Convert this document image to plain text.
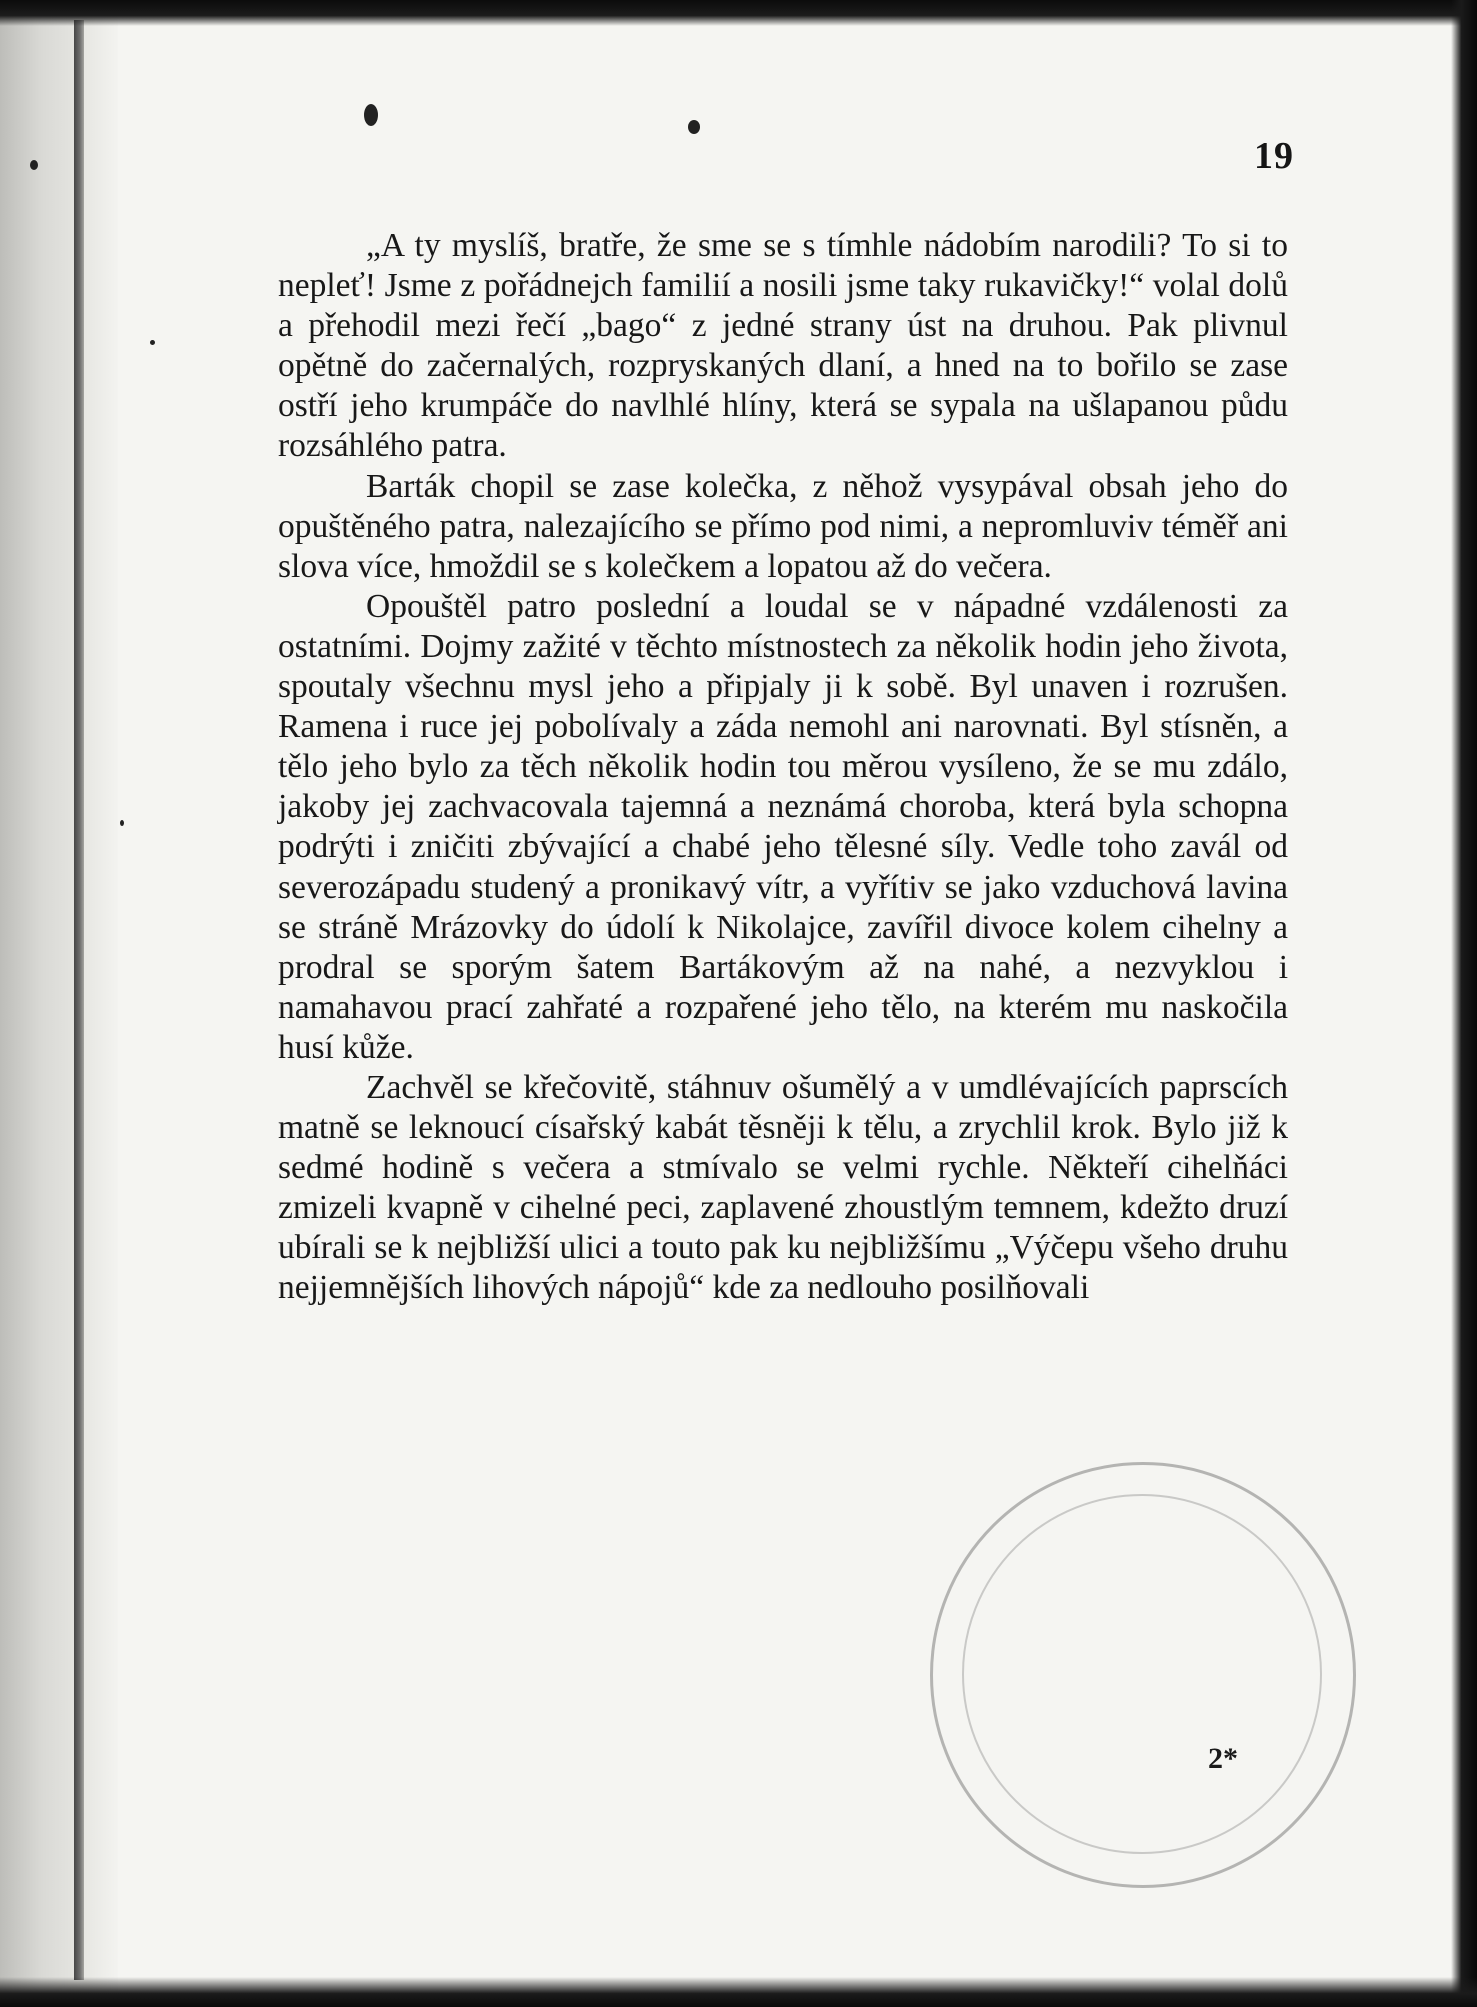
19

„A ty myslíš, bratře, že sme se s tímhle nádobím narodili? To si to nepleť! Jsme z pořádnejch familií a nosili jsme taky rukavičky!“ volal dolů a přehodil mezi řečí „bago“ z jedné strany úst na druhou. Pak plivnul opětně do začernalých, rozpryskaných dlaní, a hned na to bořilo se zase ostří jeho krumpáče do navlhlé hlíny, která se sypala na ušlapanou půdu rozsáhlého patra.

Barták chopil se zase kolečka, z něhož vysypával obsah jeho do opuštěného patra, nalezajícího se přímo pod nimi, a nepromluviv téměř ani slova více, hmoždil se s kolečkem a lopatou až do večera.

Opouštěl patro poslední a loudal se v nápadné vzdálenosti za ostatními. Dojmy zažité v těchto místnostech za několik hodin jeho života, spoutaly všechnu mysl jeho a připjaly ji k sobě. Byl unaven i rozrušen. Ramena i ruce jej pobolívaly a záda nemohl ani narovnati. Byl stísněn, a tělo jeho bylo za těch několik hodin tou měrou vysíleno, že se mu zdálo, jakoby jej zachvacovala tajemná a neznámá choroba, která byla schopna podrýti i zničiti zbývající a chabé jeho tělesné síly. Vedle toho zavál od severozápadu studený a pronikavý vítr, a vyřítiv se jako vzduchová lavina se stráně Mrázovky do údolí k Nikolajce, zavířil divoce kolem cihelny a prodral se sporým šatem Bartákovým až na nahé, a nezvyklou i namahavou prací zahřaté a rozpařené jeho tělo, na kterém mu naskočila husí kůže.

Zachvěl se křečovitě, stáhnuv ošumělý a v umdlévajících paprscích matně se leknoucí císařský kabát těsněji k tělu, a zrychlil krok. Bylo již k sedmé hodině s večera a stmívalo se velmi rychle. Někteří cihelňáci zmizeli kvapně v cihelné peci, zaplavené zhoustlým temnem, kdežto druzí ubírali se k nejbližší ulici a touto pak ku nejbližšímu „Výčepu všeho druhu nejjemnějších lihových nápojů“ kde za nedlouho posilňovali

2*
